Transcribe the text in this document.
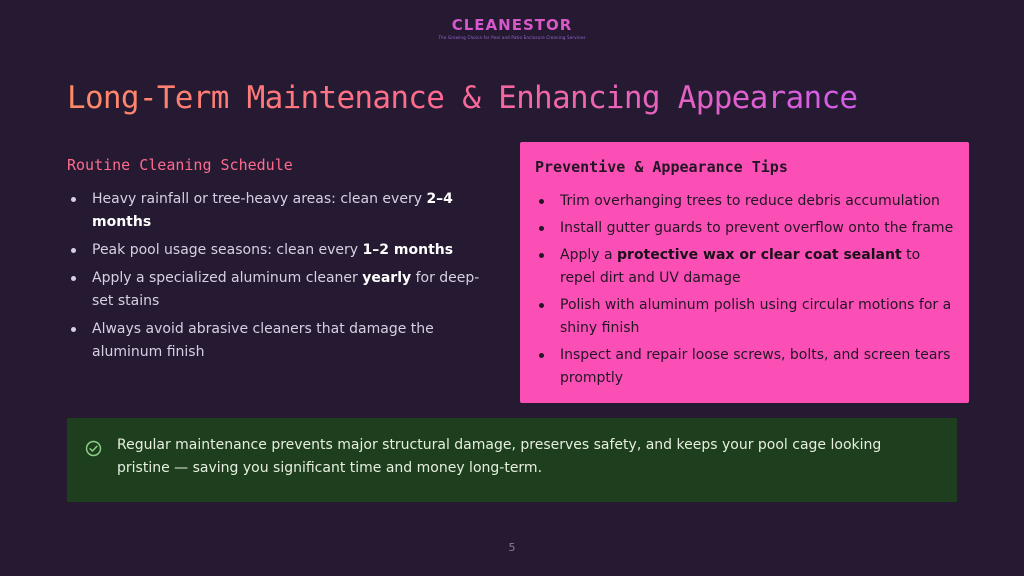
CLEANESTOR
The Growing Choice for Pool and Patio Enclosure Cleaning Services
Long-Term Maintenance & Enhancing Appearance
Routine Cleaning Schedule
Heavy rainfall or tree-heavy areas: clean every 2–4 months
Peak pool usage seasons: clean every 1–2 months
Apply a specialized aluminum cleaner yearly for deep-set stains
Always avoid abrasive cleaners that damage the aluminum finish
Preventive & Appearance Tips
Trim overhanging trees to reduce debris accumulation
Install gutter guards to prevent overflow onto the frame
Apply a protective wax or clear coat sealant to repel dirt and UV damage
Polish with aluminum polish using circular motions for a shiny finish
Inspect and repair loose screws, bolts, and screen tears promptly
Regular maintenance prevents major structural damage, preserves safety, and keeps your pool cage looking pristine — saving you significant time and money long-term.
5
